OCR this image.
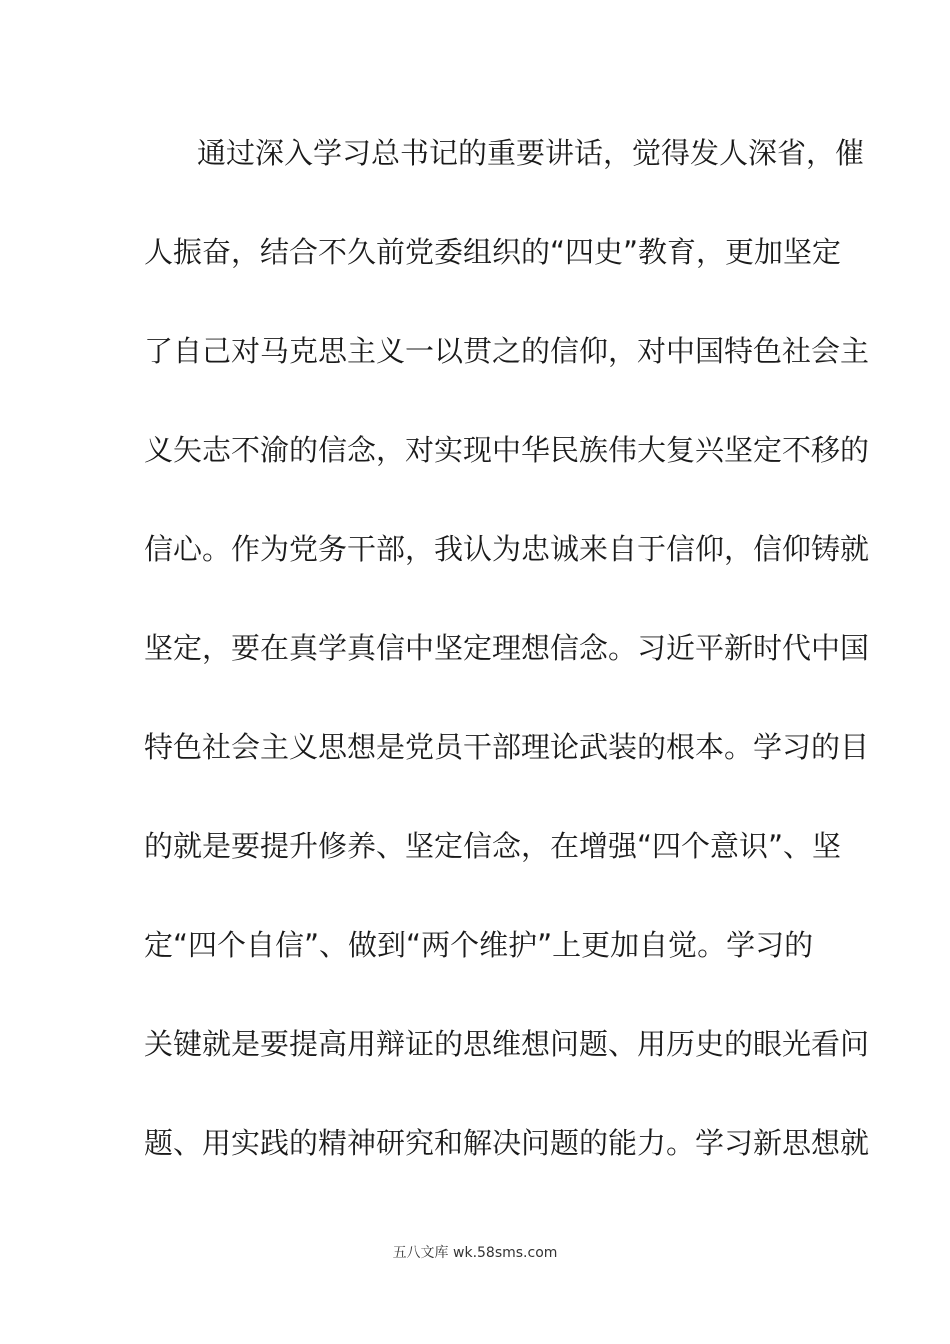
通过深入学习总书记的重要讲话，觉得发人深省，催
人振奋，结合不久前党委组织的“四史”教育，更加坚定
了自己对马克思主义一以贯之的信仰，对中国特色社会主
义矢志不渝的信念，对实现中华民族伟大复兴坚定不移的
信心。作为党务干部，我认为忠诚来自于信仰，信仰铸就
坚定，要在真学真信中坚定理想信念。习近平新时代中国
特色社会主义思想是党员干部理论武装的根本。学习的目
的就是要提升修养、坚定信念，在增强“四个意识”、坚
定“四个自信”、做到“两个维护”上更加自觉。学习的
关键就是要提高用辩证的思维想问题、用历史的眼光看问
题、用实践的精神研究和解决问题的能力。学习新思想就
五八文库 wk.58sms.com
